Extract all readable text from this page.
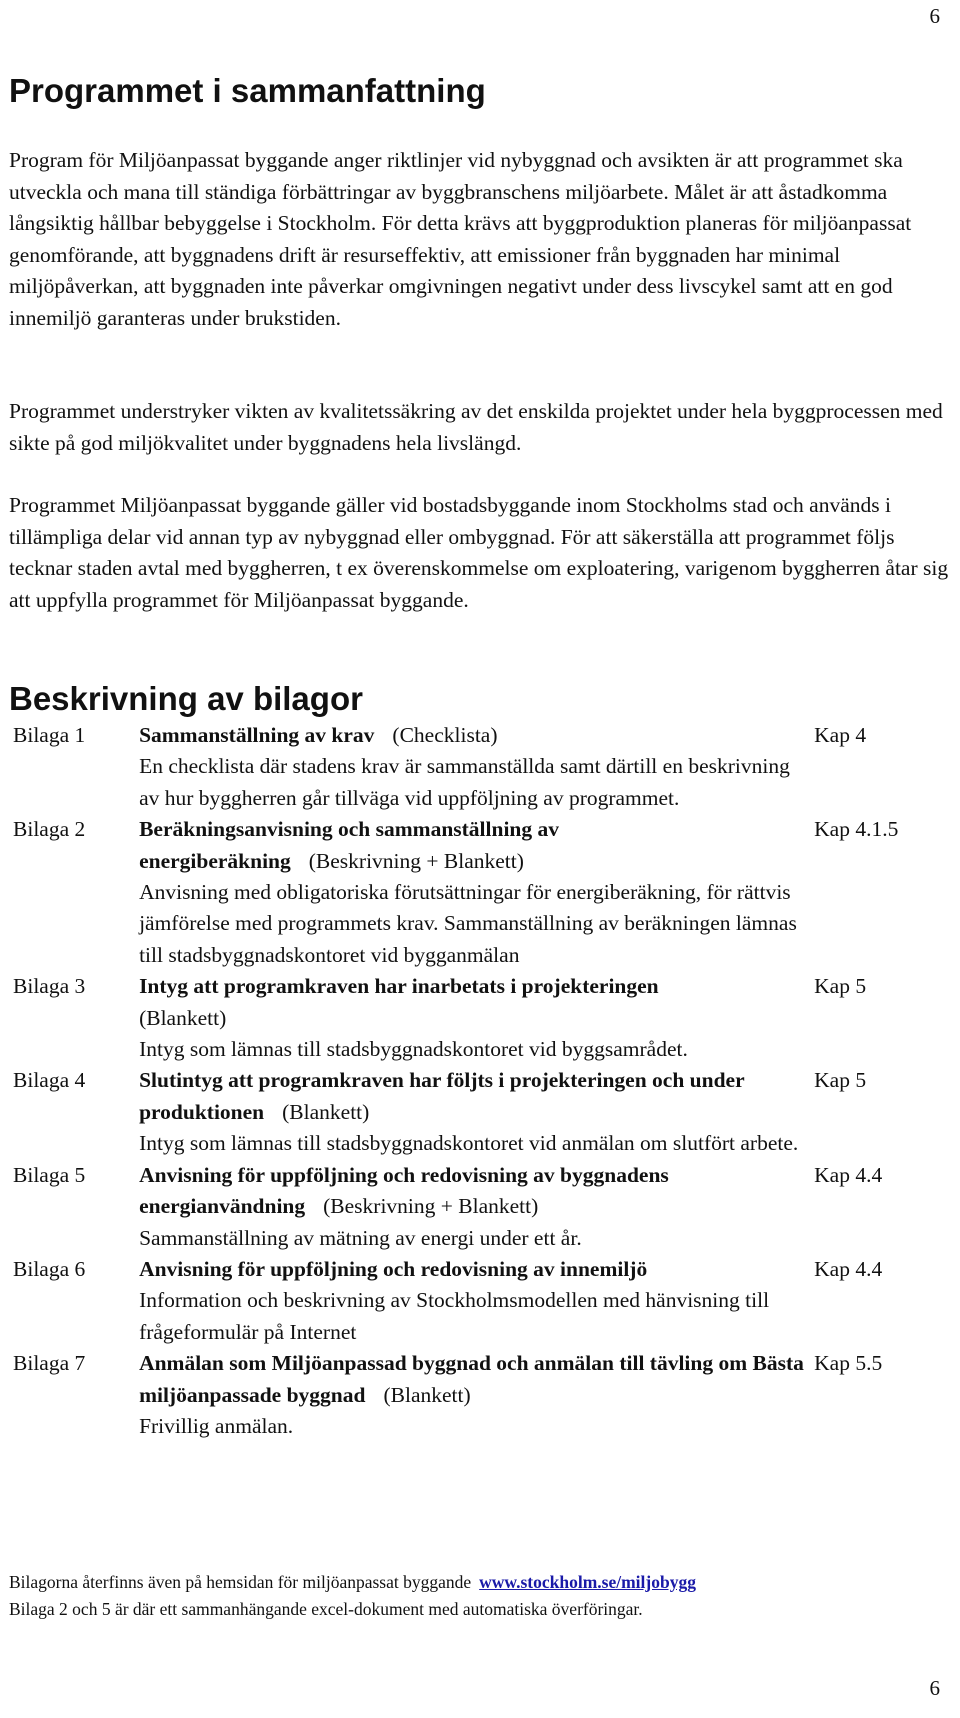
6
Programmet i sammanfattning

Program för Miljöanpassat byggande anger riktlinjer vid nybyggnad och avsikten är att programmet ska utveckla och mana till ständiga förbättringar av byggbranschens miljöarbete. Målet är att åstadkomma långsiktig hållbar bebyggelse i Stockholm. För detta krävs att byggproduktion planeras för miljöanpassat genomförande, att byggnadens drift är resurseffektiv, att emissioner från byggnaden har minimal miljöpåverkan, att byggnaden inte påverkar omgivningen negativt under dess livscykel samt att en god innemiljö garanteras under brukstiden.

Programmet understryker vikten av kvalitetssäkring av det enskilda projektet under hela byggprocessen med sikte på god miljökvalitet under byggnadens hela livslängd.

Programmet Miljöanpassat byggande gäller vid bostadsbyggande inom Stockholms stad och används i tillämpliga delar vid annan typ av nybyggnad eller ombyggnad. För att säkerställa att programmet följs tecknar staden avtal med byggherren, t ex överenskommelse om exploatering, varigenom byggherren åtar sig att uppfylla programmet för Miljöanpassat byggande.

Beskrivning av bilagor
Bilaga 1	Sammanställning av krav (Checklista)
En checklista där stadens krav är sammanställda samt därtill en beskrivning av hur byggherren går tillväga vid uppföljning av programmet.	Kap 4
Bilaga 2	Beräkningsanvisning och sammanställning av energiberäkning (Beskrivning + Blankett)
Anvisning med obligatoriska förutsättningar för energiberäkning, för rättvis jämförelse med programmets krav. Sammanställning av beräkningen lämnas till stadsbyggnadskontoret vid bygganmälan	Kap 4.1.5
Bilaga 3	Intyg att programkraven har inarbetats i projekteringen
(Blankett)
Intyg som lämnas till stadsbyggnadskontoret vid byggsamrådet.	Kap 5
Bilaga 4	Slutintyg att programkraven har följts i projekteringen och under produktionen (Blankett)
Intyg som lämnas till stadsbyggnadskontoret vid anmälan om slutfört arbete.	Kap 5
Bilaga 5	Anvisning för uppföljning och redovisning av byggnadens energianvändning (Beskrivning + Blankett)
Sammanställning av mätning av energi under ett år.	Kap 4.4
Bilaga 6	Anvisning för uppföljning och redovisning av innemiljö
Information och beskrivning av Stockholmsmodellen med hänvisning till frågeformulär på Internet	Kap 4.4
Bilaga 7	Anmälan som Miljöanpassad byggnad och anmälan till tävling om Bästa miljöanpassade byggnad (Blankett)
Frivillig anmälan.	Kap 5.5

Bilagorna återfinns även på hemsidan för miljöanpassat byggande www.stockholm.se/miljobygg

Bilaga 2 och 5 är där ett sammanhängande excel-dokument med automatiska överföringar.

6
